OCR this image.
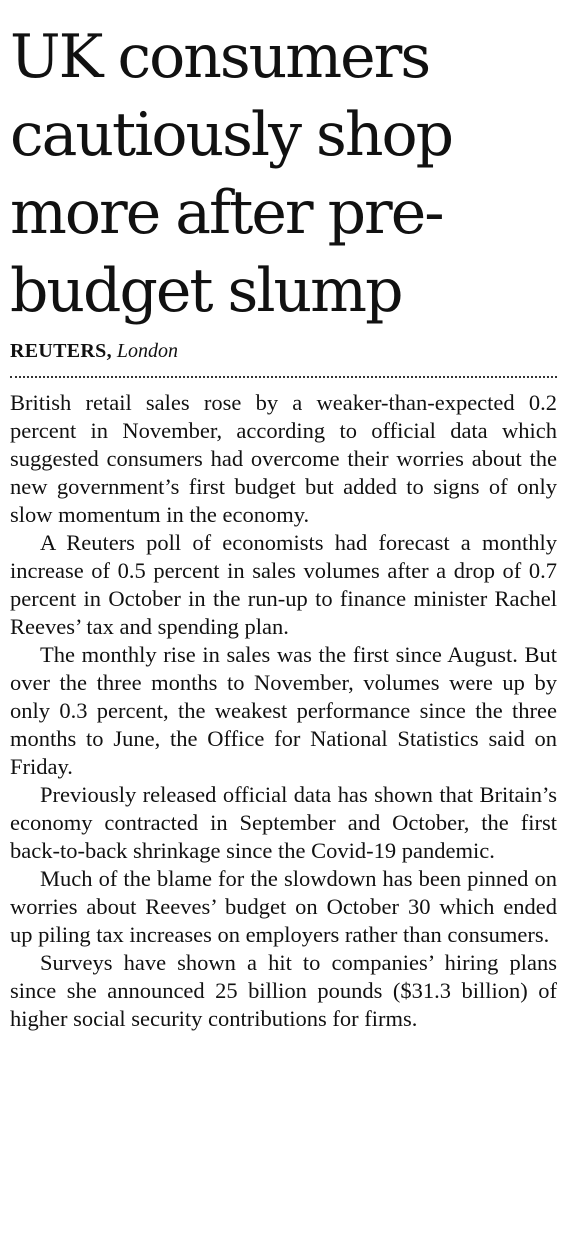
UK consumers cautiously shop more after pre-budget slump
REUTERS, London

British retail sales rose by a weaker-than-expected 0.2 percent in November, according to official data which suggested consumers had overcome their worries about the new government’s first budget but added to signs of only slow momentum in the economy.

A Reuters poll of economists had forecast a monthly increase of 0.5 percent in sales volumes after a drop of 0.7 percent in October in the run-up to finance minister Rachel Reeves’ tax and spending plan.

The monthly rise in sales was the first since August. But over the three months to November, volumes were up by only 0.3 percent, the weakest performance since the three months to June, the Office for National Statistics said on Friday.

Previously released official data has shown that Britain’s economy contracted in September and October, the first back-to-back shrinkage since the Covid-19 pandemic.

Much of the blame for the slowdown has been pinned on worries about Reeves’ budget on October 30 which ended up piling tax increases on employers rather than consumers.

Surveys have shown a hit to companies’ hiring plans since she announced 25 billion pounds ($31.3 billion) of higher social security contributions for firms.
